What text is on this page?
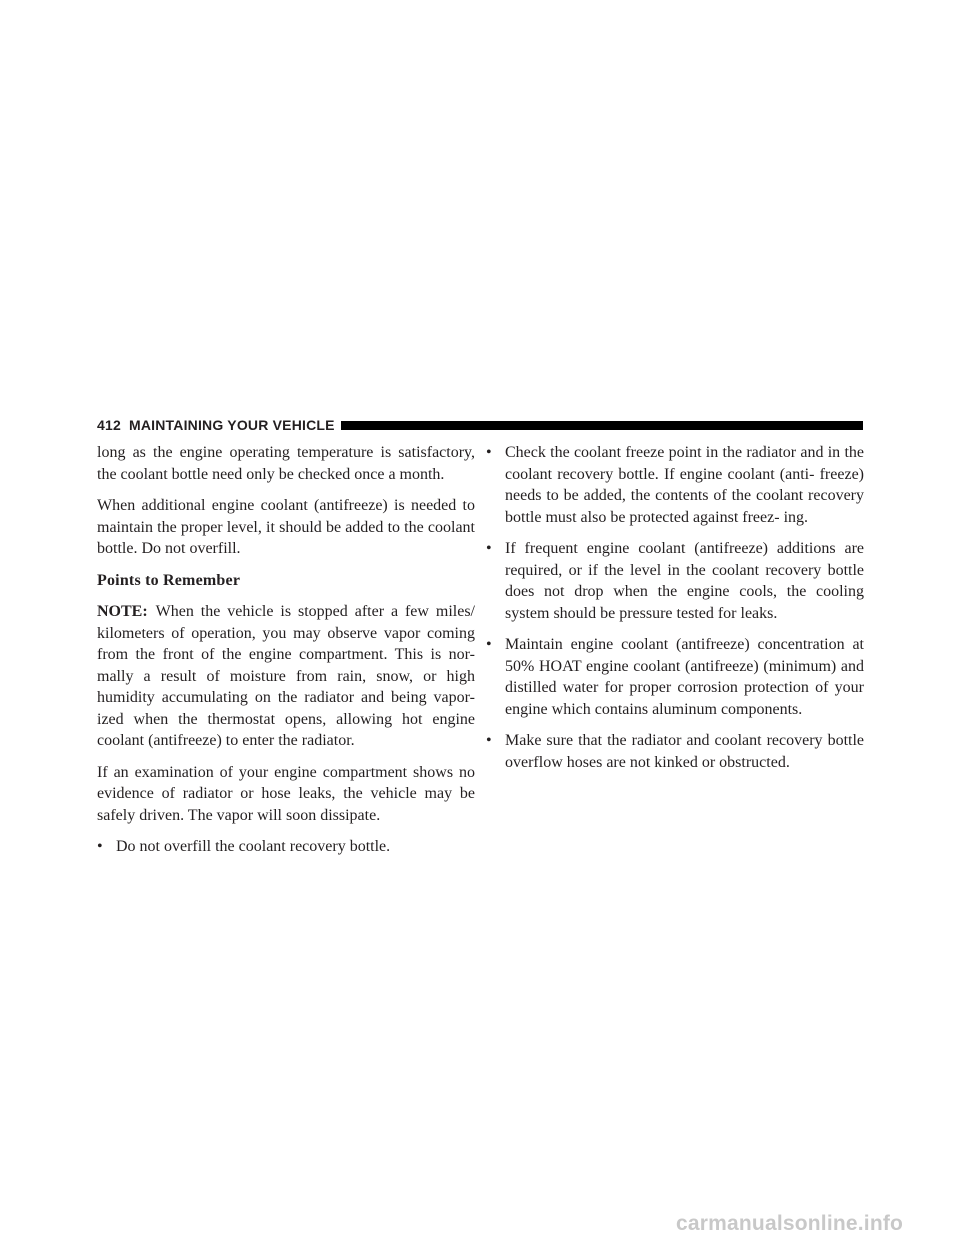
412 MAINTAINING YOUR VEHICLE

long as the engine operating temperature is satisfactory, the coolant bottle need only be checked once a month.

When additional engine coolant (antifreeze) is needed to maintain the proper level, it should be added to the coolant bottle. Do not overfill.

Points to Remember

NOTE: When the vehicle is stopped after a few miles/ kilometers of operation, you may observe vapor coming from the front of the engine compartment. This is nor- mally a result of moisture from rain, snow, or high humidity accumulating on the radiator and being vapor- ized when the thermostat opens, allowing hot engine coolant (antifreeze) to enter the radiator.

If an examination of your engine compartment shows no evidence of radiator or hose leaks, the vehicle may be safely driven. The vapor will soon dissipate.

• Do not overfill the coolant recovery bottle.
• Check the coolant freeze point in the radiator and in the coolant recovery bottle. If engine coolant (anti- freeze) needs to be added, the contents of the coolant recovery bottle must also be protected against freez- ing.
• If frequent engine coolant (antifreeze) additions are required, or if the level in the coolant recovery bottle does not drop when the engine cools, the cooling system should be pressure tested for leaks.
• Maintain engine coolant (antifreeze) concentration at 50% HOAT engine coolant (antifreeze) (minimum) and distilled water for proper corrosion protection of your engine which contains aluminum components.
• Make sure that the radiator and coolant recovery bottle overflow hoses are not kinked or obstructed.
carmanualsonline.info
